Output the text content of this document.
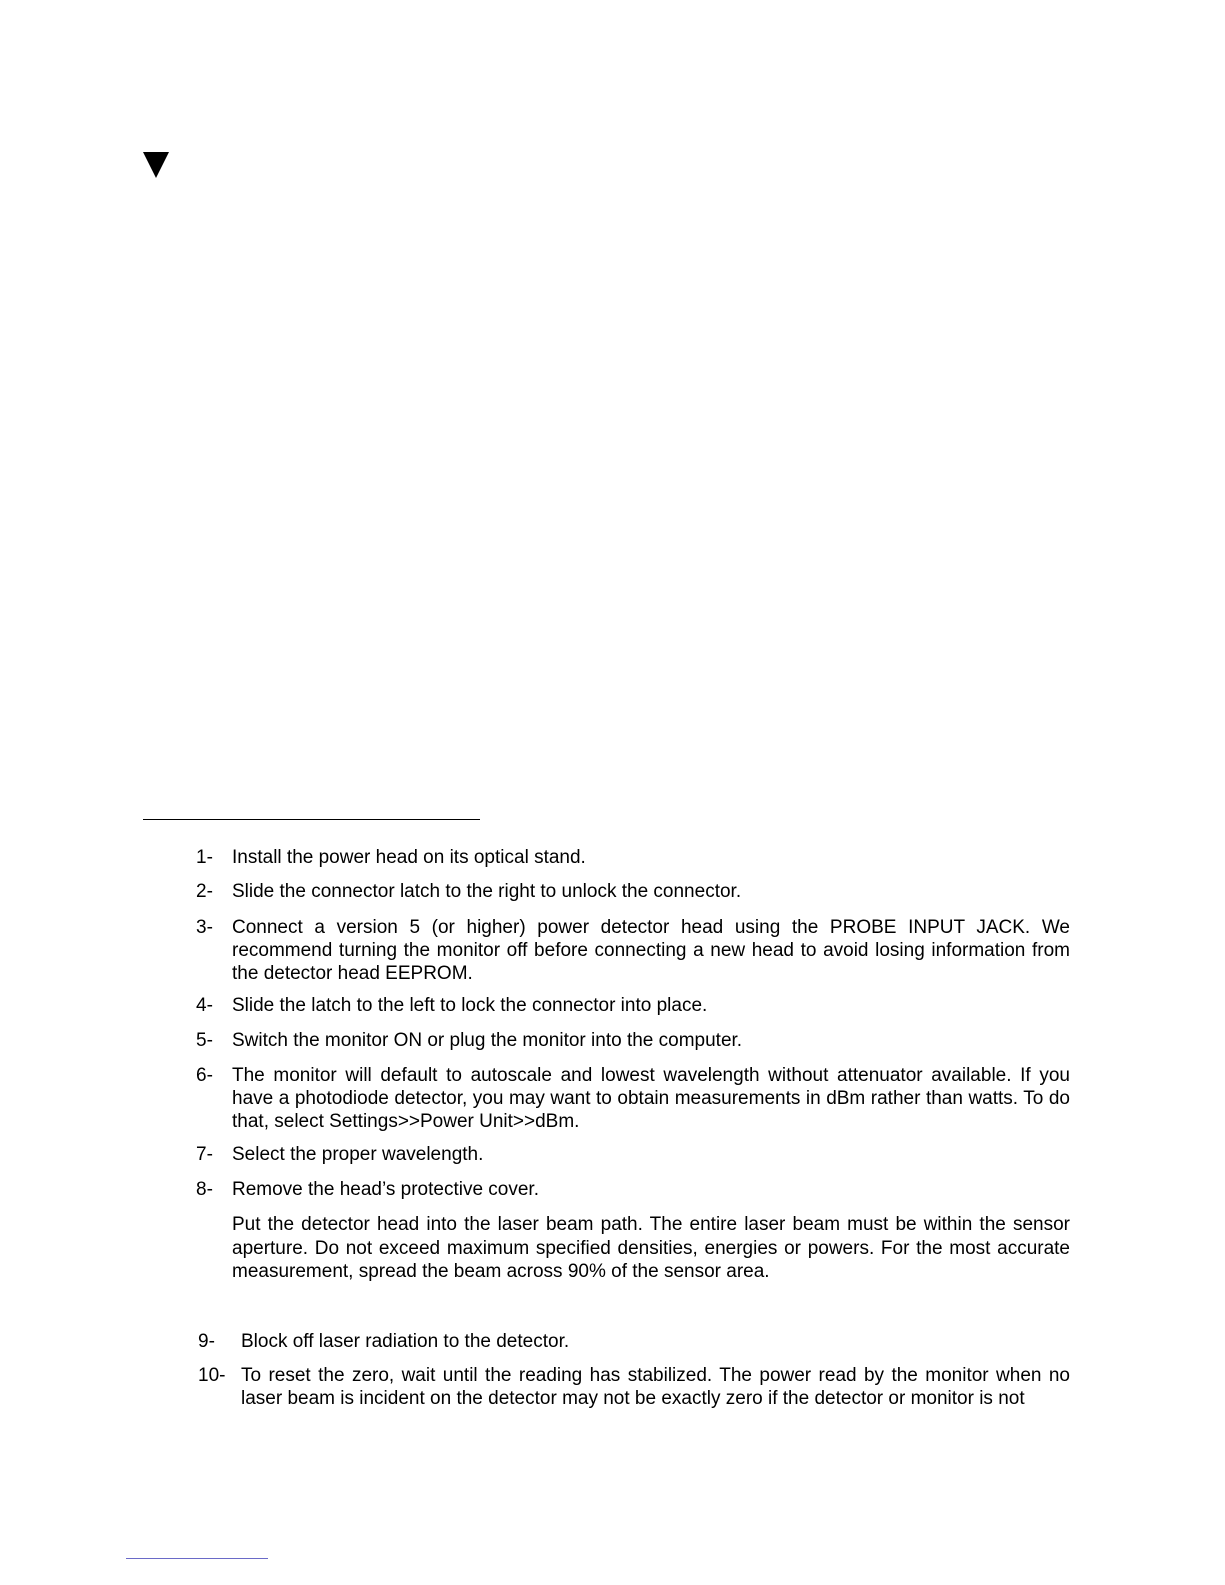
1-	Install the power head on its optical stand.
2-	Slide the connector latch to the right to unlock the connector.
3-	Connect a version 5 (or higher) power detector head using the PROBE INPUT JACK. We recommend turning the monitor off before connecting a new head to avoid losing information from the detector head EEPROM.
4-	Slide the latch to the left to lock the connector into place.
5-	Switch the monitor ON or plug the monitor into the computer.
6-	The monitor will default to autoscale and lowest wavelength without attenuator available. If you have a photodiode detector, you may want to obtain measurements in dBm rather than watts. To do that, select Settings>>Power Unit>>dBm.
7-	Select the proper wavelength.
8-	Remove the head’s protective cover.
Put the detector head into the laser beam path. The entire laser beam must be within the sensor aperture. Do not exceed maximum specified densities, energies or powers. For the most accurate measurement, spread the beam across 90% of the sensor area.
9-	Block off laser radiation to the detector.
10- To reset the zero, wait until the reading has stabilized. The power read by the monitor when no laser beam is incident on the detector may not be exactly zero if the detector or monitor is not
